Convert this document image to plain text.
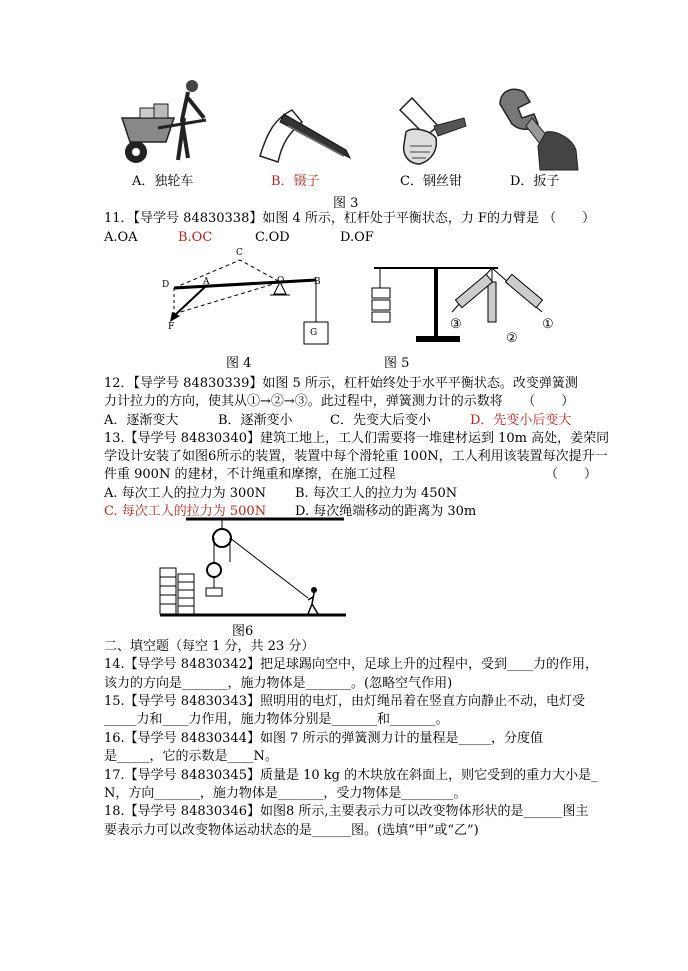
A．独轮车	B．镊子	C．钢丝钳	D．扳子
图 3
11．【导学号 84830338】如图 4 所示，杠杆处于平衡状态，力 F的力臂是 （　　）
A.OA	B.OC	C.OD	D.OF
C
D	A	O	B
F
G
图 4
③
②
①
图 5
12．【导学号 84830339】如图 5 所示，杠杆始终处于水平平衡状态。改变弹簧测
力计拉力的方向，使其从①→②→③。此过程中，弹簧测力计的示数将　　（　　）
A．逐渐变大	B．逐渐变小	C．先变大后变小	D．先变小后变大
13.【导学号 84830340】建筑工地上，工人们需要将一堆建材运到 10m 高处，姜荣同
学设计安装了如图6所示的装置，装置中每个滑轮重 100N，工人利用该装置每次提升一
件重 900N 的建材，不计绳重和摩擦，在施工过程　　　　　　　　　　　　（　　）
A. 每次工人的拉力为 300N B. 每次工人的拉力为 450N
C. 每次工人的拉力为 500N D. 每次绳端移动的距离为 30m
图6
二、填空题（每空 1 分，共 23 分）
14.【导学号 84830342】把足球踢向空中，足球上升的过程中，受到____力的作用，
该力的方向是_______，施力物体是_______。(忽略空气作用)
15.【导学号 84830343】照明用的电灯，由灯绳吊着在竖直方向静止不动，电灯受
_____力和____力作用，施力物体分别是_______和_______。
16.【导学号 84830344】如图 7 所示的弹簧测力计的量程是_____，分度值
是_____，它的示数是____N。
17.【导学号 84830345】质量是 10 kg 的木块放在斜面上，则它受到的重力大小是_
N，方向_______，施力物体是_______，受力物体是________。
18.【导学号 84830346】如图8 所示,主要表示力可以改变物体形状的是______图主
要表示力可以改变物体运动状态的是______图。(选填“甲”或“乙”)
